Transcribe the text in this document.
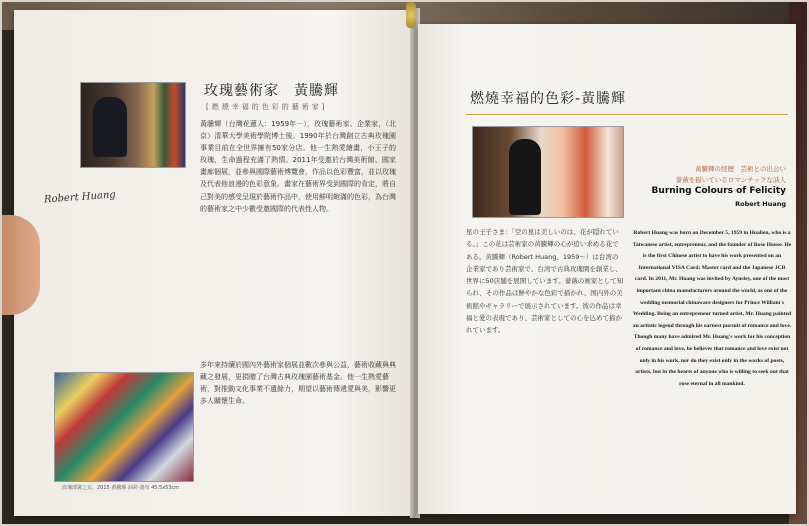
玫瑰藝術家　黃騰輝
[燃燒幸福的色彩的藝術家]
Robert Huang
黃騰輝（台灣花蓮人：1959年－），玫瑰藝術家、企業家，（北京）清華大學美術學院博士後。1990年於台灣創立古典玫瑰園事業目前在全世界擁有50家分店。他一生熱愛繪畫，小王子的玫瑰，生命過程充滿了熱情。2011年受邀於台灣美術館、國家畫廊個展，並參與國際藝術博覽會，作品以色彩豐富，並以玫瑰及代表他浪漫的色彩意象。畫家在藝術界受到國際的肯定，將自己對美的感受呈現於藝術作品中，使用鮮明飽滿的色彩，為台灣的藝術家之中少數受邀國際的代表性人物。
多年來持續於國內外藝術家個展並數次參與公益，藝術收藏與典藏之發展，更捐贈了台灣古典玫瑰園藝術基金。他一生熱愛藝術，對推動文化事業不遺餘力，期望以藝術傳遞愛與美，影響更多人關懷生命。
玫瑰部署之女，2015 黃騰輝 油彩·畫布 45.5x53cm
燃燒幸福的色彩-黃騰輝
黃騰輝の経歴　芸術との出会い
薔薇を描いているロマンチックな詩人
Burning Colours of Felicity
Robert Huang
星の王子さま：「空の星は美しいのは、花が隠れている。」この花は芸術家の黄騰輝の心が追い求める花である。黄騰輝（Robert Huang、1959〜）は台湾の企業家であり芸術家で、台湾で古典玫瑰園を創業し、世界に50店舗を展開しています。薔薇の画家として知られ、その作品は鮮やかな色彩で描かれ、国内外の美術館やギャラリーで展示されています。彼の作品は幸福と愛の表現であり、芸術家としての心を込めて描かれています。
Robert Huang was born on December 5, 1959 in Hualien, who is a Taiwanese artist, entrepreneur, and the founder of Rose House. He is the first Chinese artist to have his work presented on an International VISA Card; Master card and the Japanese JCB card. In 2011, Mr. Huang was invited by Aynsley, one of the most important china manufacturers around the world, as one of the wedding memorial chinaware designers for Prince William's Wedding. Being an entrepreneur turned artist, Mr. Huang painted an artistic legend through his earnest pursuit of romance and love. Though many have admired Mr. Huang's work for his conception of romance and love, he believes that romance and love exist not only in his work, nor do they exist only in the works of poets, artists, but in the hearts of anyone who is willing to seek out that rose eternal in all mankind.
